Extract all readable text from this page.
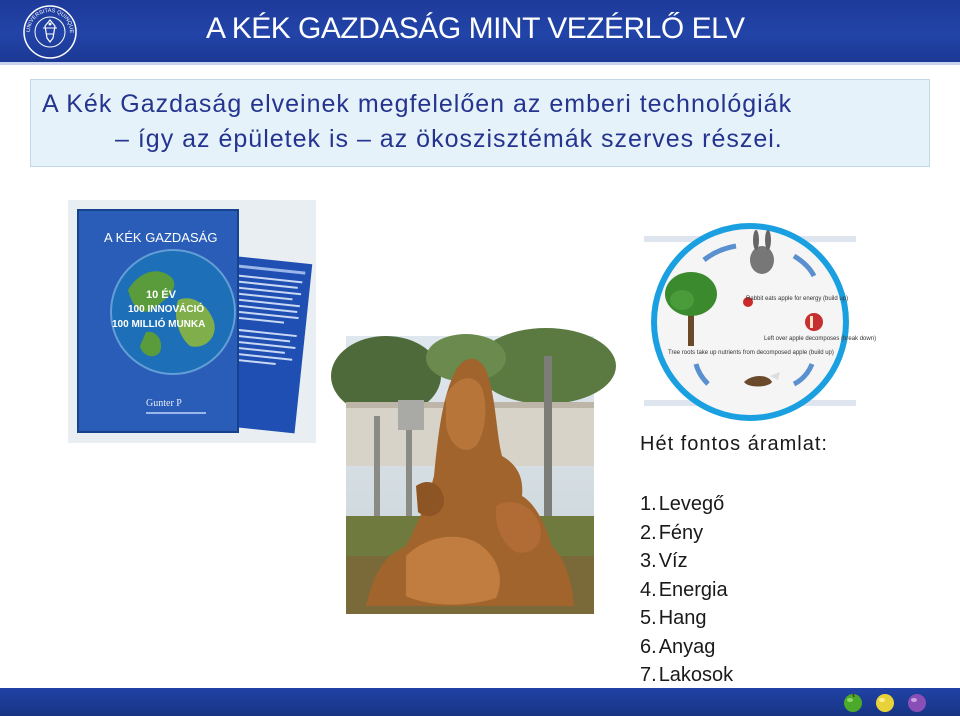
UNIVERSITAS QUINQUE	A KÉK GAZDASÁG MINT VEZÉRLŐ ELV
A Kék Gazdaság elveinek megfelelően az emberi technológiák
– így az épületek is – az ökoszisztémák szerves részei.
A KÉK GAZDASÁG
10 ÉV
100 INNOVÁCIÓ
100 MILLIÓ MUNKA
Gunter P
Rabbit eats apple for energy (build up)
Left over apple decomposes (break down)
Tree roots take up nutrients from decomposed apple (build up)
Hét fontos áramlat:
1. Levegő
2. Fény
3. Víz
4. Energia
5. Hang
6. Anyag
7. Lakosok
